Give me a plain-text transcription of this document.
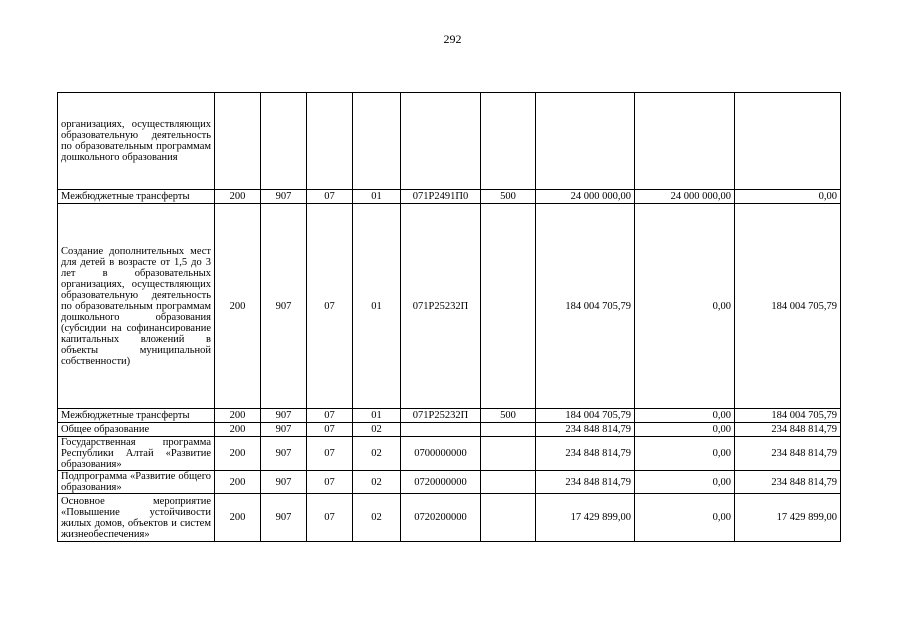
292
организациях, осуществляющих образовательную деятельность по образовательным программам дошкольного образования									
Межбюджетные трансферты	200	907	07	01	071P2491П0	500	24 000 000,00	24 000 000,00	0,00
Создание дополнительных мест для детей в возрасте от 1,5 до 3 лет в образовательных организациях, осуществляющих образовательную деятельность по образовательным программам дошкольного образования (субсидии на софинансирование капитальных вложений в объекты муниципальной собственности)	200	907	07	01	071P25232П		184 004 705,79	0,00	184 004 705,79
Межбюджетные трансферты	200	907	07	01	071P25232П	500	184 004 705,79	0,00	184 004 705,79
Общее образование	200	907	07	02			234 848 814,79	0,00	234 848 814,79
Государственная программа Республики Алтай «Развитие образования»	200	907	07	02	0700000000		234 848 814,79	0,00	234 848 814,79
Подпрограмма «Развитие общего образования»	200	907	07	02	0720000000		234 848 814,79	0,00	234 848 814,79
Основное мероприятие «Повышение устойчивости жилых домов, объектов и систем жизнеобеспечения»	200	907	07	02	0720200000		17 429 899,00	0,00	17 429 899,00
